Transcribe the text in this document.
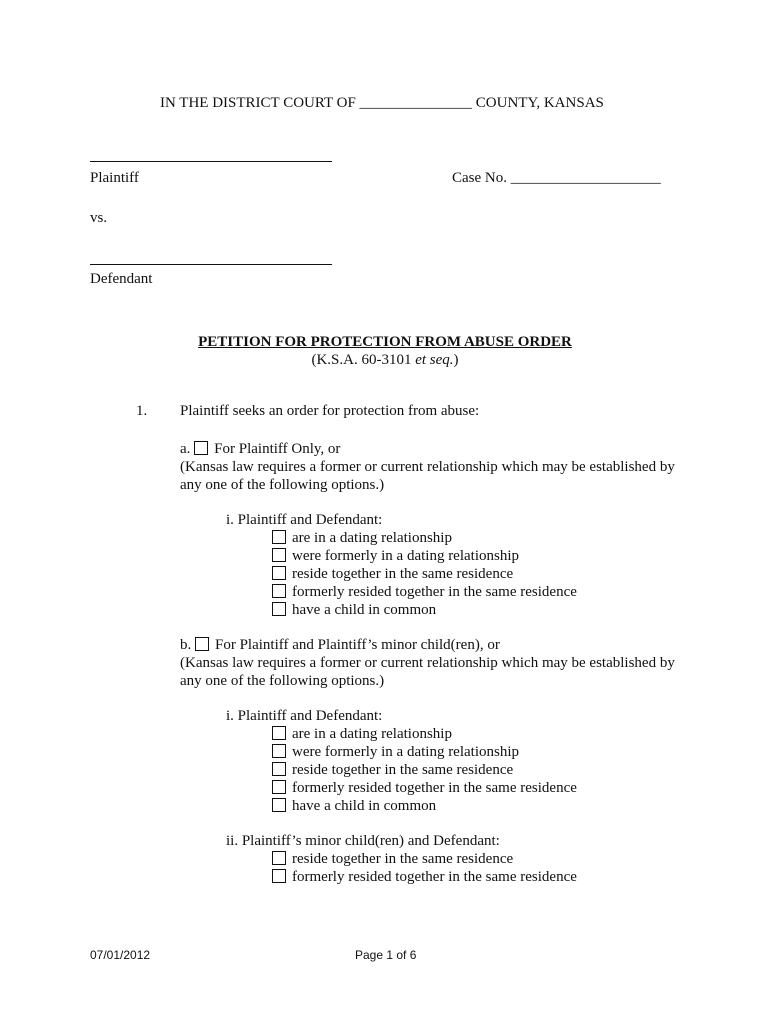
IN THE DISTRICT COURT OF _______________ COUNTY, KANSAS
Plaintiff	Case No. ____________________
vs.
Defendant
PETITION FOR PROTECTION FROM ABUSE ORDER
(K.S.A. 60-3101 et seq.)
1. Plaintiff seeks an order for protection from abuse:
a. For Plaintiff Only, or
(Kansas law requires a former or current relationship which may be established by
any one of the following options.)
i. Plaintiff and Defendant:
are in a dating relationship
were formerly in a dating relationship
reside together in the same residence
formerly resided together in the same residence
have a child in common
b. For Plaintiff and Plaintiff’s minor child(ren), or
(Kansas law requires a former or current relationship which may be established by
any one of the following options.)
i. Plaintiff and Defendant:
are in a dating relationship
were formerly in a dating relationship
reside together in the same residence
formerly resided together in the same residence
have a child in common
ii. Plaintiff’s minor child(ren) and Defendant:
reside together in the same residence
formerly resided together in the same residence
07/01/2012	Page 1 of 6
